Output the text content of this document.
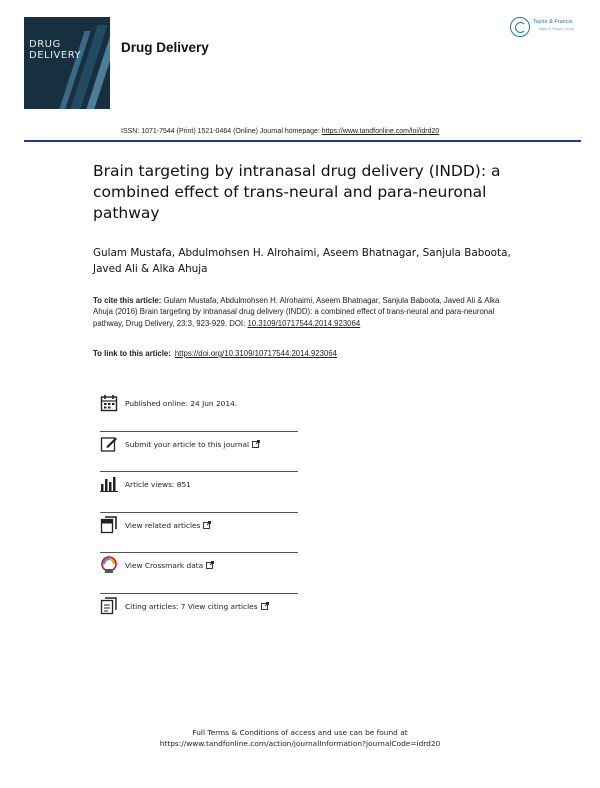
DRUG
DELIVERY
Drug Delivery
Taylor & Francis
Taylor & Francis Group
ISSN: 1071-7544 (Print) 1521-0464 (Online) Journal homepage: https://www.tandfonline.com/loi/idrd20
Brain targeting by intranasal drug delivery (INDD): a combined effect of trans-neural and para-neuronal pathway
Gulam Mustafa, Abdulmohsen H. Alrohaimi, Aseem Bhatnagar, Sanjula Baboota, Javed Ali & Alka Ahuja
To cite this article: Gulam Mustafa, Abdulmohsen H. Alrohaimi, Aseem Bhatnagar, Sanjula Baboota, Javed Ali & Alka Ahuja (2016) Brain targeting by intranasal drug delivery (INDD): a combined effect of trans-neural and para-neuronal pathway, Drug Delivery, 23:3, 923-929, DOI: 10.3109/10717544.2014.923064
To link to this article: https://doi.org/10.3109/10717544.2014.923064
Published online: 24 Jun 2014.
Submit your article to this journal
Article views: 851
View related articles
View Crossmark data
Citing articles: 7 View citing articles
Full Terms & Conditions of access and use can be found at
https://www.tandfonline.com/action/journalInformation?journalCode=idrd20
